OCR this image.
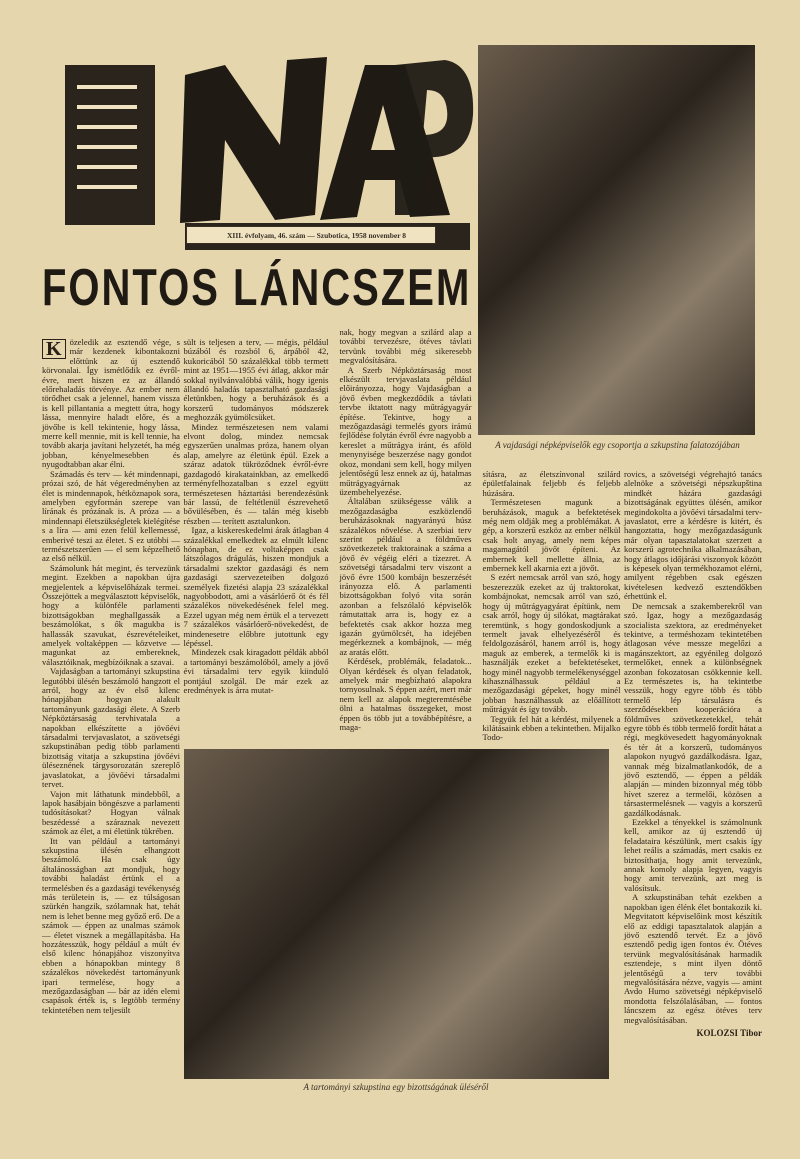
XIII. évfolyam, 46. szám — Szubotica, 1958 november 8
FONTOS LÁNCSZEM
A vajdasági népképviselők egy csoportja a szkupstina falatozójában

K özeledik az esztendő vége, s már kezdenek kibontakozni előttünk az új esztendő körvonalai. Így ismétlődik ez évről-évre, mert hiszen ez az állandó előrehaladás törvénye. Az ember nem törődhet csak a jelennel, hanem vissza is kell pillantania a megtett útra, hogy lássa, mennyire haladt előre, és a jövőbe is kell tekintenie, hogy lássa, merre kell mennie, mit is kell tennie, ha tovább akarja javítani helyzetét, ha még jobban, kényelmesebben és nyugodtabban akar élni.

Számadás és terv — két mindennapi, prózai szó, de hát végeredményben az élet is mindennapok, hétköznapok sora, amelyben egyformán szerepe van lírának és prózának is. A próza — a mindennapi életszükségletek kielégítése s a líra — ami ezen felül kellemessé, emberivé teszi az életet. S ez utóbbi — természetszerűen — el sem képzelhető az első nélkül.

Számolunk hát megint, és tervezünk megint. Ezekben a napokban újra megjelentek a képviselőházak termei. Összejöttek a megválasztott képviselők, hogy a különféle parlamenti bizottságokban meghallgassák a beszámolókat, s ők magukba is hallassák szavukat, észrevételeiket, amelyek voltaképpen — közvetve — magunkat az embereknek, választóiknak, megbízóiknak a szavai.

Vajdaságban a tartományi szkupstina legutóbbi ülésén beszámoló hangzott el arról, hogy az év első kilenc hónapjában hogyan alakult tartományunk gazdasági élete. A Szerb Népköztársaság tervhivatala a napokban elkészítette a jövőévi társadalmi tervjavaslatot, a szövetségi szkupstinában pedig több parlamenti bizottság vitatja a szkupstina jövőévi üléseznének tárgysorozatán szereplő javaslatokat, a jövőévi társadalmi tervet.

Vajon mit láthatunk mindebből, a lapok hasábjain böngészve a parlamenti tudósításokat? Hogyan válnak beszédessé a száraznak nevezett számok az élet, a mi életünk tükrében.

Itt van például a tartományi szkupstina ülésén elhangzott beszámoló. Ha csak úgy általánosságban azt mondjuk, hogy további haladást értünk el a termelésben és a gazdasági tevékenység más területein is, — ez túlságosan szürkén hangzik, szólamnak hat, tehát nem is lehet benne meg győző erő. De a számok — éppen az unalmas számok — életet visznek a megállapításba. Ha hozzátesszük, hogy például a múlt év első kilenc hónapjához viszonyítva ebben a hónapokban mintegy 8 százalékos növekedést tartományunk ipari termelése, hogy a mezőgazdaságban — bár az idén elemi csapások érték is, s legtöbb termény tekintetében nem teljesült

sült is teljesen a terv, — mégis, például búzából és rozsból 6, árpából 42, kukoricából 50 százalékkal több termett mint az 1951—1955 évi átlag, akkor már sokkal nyilvánvalóbbá válik, hogy igenis állandó haladás tapasztalható gazdasági életünkben, hogy a beruházások és a korszerű tudományos módszerek meghozzák gyümölcsüket.

Mindez természetesen nem valami elvont dolog, mindez nemcsak egyszerűen unalmas próza, hanem olyan alap, amelyre az életünk épül. Ezek a száraz adatok tükröződnek évről-évre gazdagodó kirakatainkban, az emelkedő terményfelhozatalban s ezzel együtt természetesen háztartási berendezésünk bár lassú, de feltétlenül észrevehető bővülésében, és — talán még kisebb részben — terített asztalunkon.

Igaz, a kiskereskedelmi árak átlagban 4 százalékkal emelkedtek az elmúlt kilenc hónapban, de ez voltaképpen csak látszólagos drágulás, hiszen mondjuk a társadalmi szektor gazdasági és nem gazdasági szervezeteiben dolgozó személyek fizetési alapja 23 százalékkal nagyobbodott, ami a vásárlóerő öt és fél százalékos növekedésének felel meg. Ezzel ugyan még nem értük el a tervezett 7 százalékos vásárlóerő-növekedést, de mindenesetre előbbre jutottunk egy lépéssel.

Mindezek csak kiragadott példák abból a tartományi beszámolóból, amely a jövő évi társadalmi terv egyik kiinduló pontjául szolgál. De már ezek az eredmények is árra mutat-

nak, hogy megvan a szilárd alap a további tervezésre, ötéves távlati tervünk további még sikeresebb megvalósítására.

A Szerb Népköztársaság most elkészült tervjavaslata például előirányozza, hogy Vajdaságban a jövő évben megkezdődik a távlati tervbe iktatott nagy műtrágyagyár építése. Tekintve, hogy a mezőgazdasági termelés gyors irámú fejlődése folytán évről évre nagyobb a kereslet a műtrágya iránt, és aföld menynyisége beszerzése nagy gondot okoz, mondani sem kell, hogy milyen jelentőségű lesz ennek az új, hatalmas műtrágyagyárnak az üzembehelyezése.

Általában szükségesse válik a mezőgazdaságba eszközlendő beruházásoknak nagyarányú húsz százalékos növelése. A szerbiai terv szerint például a földműves szövetkezetek traktorainak a száma a jövő év végéig eléri a tízezret. A szövetségi társadalmi terv viszont a jövő évre 1500 kombájn beszerzését irányozza elő. A parlamenti bizottságokban folyó vita során azonban a felszólaló képviselők rámutattak arra is, hogy ez a befektetés csak akkor hozza meg igazán gyümölcsét, ha idejében megérkeznek a kombájnok, — még az aratás előtt.

Kérdések, problémák, feladatok... Olyan kérdések és olyan feladatok, amelyek már megbízható alapokra tornyosulnak. S éppen azért, mert már nem kell az alapok megteremtésébe ölni a hatalmas összegeket, most éppen ös több jut a továbbépítésre, a maga-

sításra, az életszínvonal szilárd épületfalainak feljebb és feljebb húzására.

Természetesen magunk a beruházások, maguk a befektetések még nem oldják meg a problémákat. A gép, a korszerű eszköz az ember nélkül csak holt anyag, amely nem képes magamagától jövőt építeni. Az embernek kell mellette állnia, az embernek kell akarnia ezt a jövőt.

S ezért nemcsak arról van szó, hogy beszerezzük ezeket az új traktorokat, kombájnokat, nemcsak arról van szó, hogy új műtrágyagyárat építünk, nem csak arról, hogy új silókat, magtárakat teremtünk, s hogy gondoskodjunk a termelt javak elhelyezéséről és feldolgozásáról, hanem arról is, hogy maguk az emberek, a termelők ki is használják ezeket a befektetéseket, hogy minél nagyobb termelékenységgel kihasználhassuk például a mezőgazdasági gépeket, hogy minél jobban használhassuk az előállított műtrágyát és így tovább.

Tegyük fel hát a kérdést, milyenek a kilátásaink ebben a tekintetben. Mijalko Todo-

A tartományi szkupstina egy bizottságának üléséről

rovics, a szövetségi végrehajtó tanács alelnöke a szövetségi népszkupština mindkét házára gazdasági bizottságának együttes ülésén, amikor megindokolta a jövőévi társadalmi terv-javaslatot, erre a kérdésre is kitért, és hangoztatta, hogy mezőgazdaságunk már olyan tapasztalatokat szerzett a korszerű agrotechnika alkalmazásában, hogy átlagos időjárási viszonyok között is képesek olyan termékhozamot elérni, amilyent régebben csak egészen kivételesen kedvező esztendőkben érhettünk el.

De nemcsak a szakemberekről van szó. Igaz, hogy a mezőgazdaság szocialista szektora, az eredményeket tekintve, a terméshozam tekintetében átlagosan véve messze megelőzi a magánszektort, az egyénileg dolgozó termelőket, ennek a különbségnek azonban fokozatosan csökkennie kell. Ez természetes is, ha tekintetbe vesszük, hogy egyre több és több termelő lép társulásra és szerződésekben kooperációra a földműves szövetkezetekkel, tehát egyre több és több termelő fordít hátat a régi, megkövesedett hagyományoknak és tér át a korszerű, tudományos alapokon nyugvó gazdálkodásra. Igaz, vannak még bizalmatlankodók, de a jövő esztendő, — éppen a példák alapján — minden bizonnyal még több hívet szerez a termelői, közösen a társastermelésnek — vagyis a korszerű gazdálkodásnak.

Ezekkel a tényekkel is számolnunk kell, amikor az új esztendő új feladataira készülünk, mert csakis így lehet reális a számadás, mert csakis ez biztosíthatja, hogy amit tervezünk, annak komoly alapja legyen, vagyis hogy amit tervezünk, azt meg is valósítsuk.

A szkupstinában tehát ezekben a napokban igen élénk élet bontakozik ki. Megvitatott képviselőink most készítik elő az eddigi tapasztalatok alapján a jövő esztendő tervét. Ez a jövő esztendő pedig igen fontos év. Ötéves tervünk megvalósításának harmadik esztendeje, s mint ilyen döntő jelentőségű a terv további megvalósítására nézve, vagyis — amint Avdo Humo szövetségi népképviselő mondotta felszólalásában, — fontos láncszem az egész ötéves terv megvalósításában.

KOLOZSI Tibor
